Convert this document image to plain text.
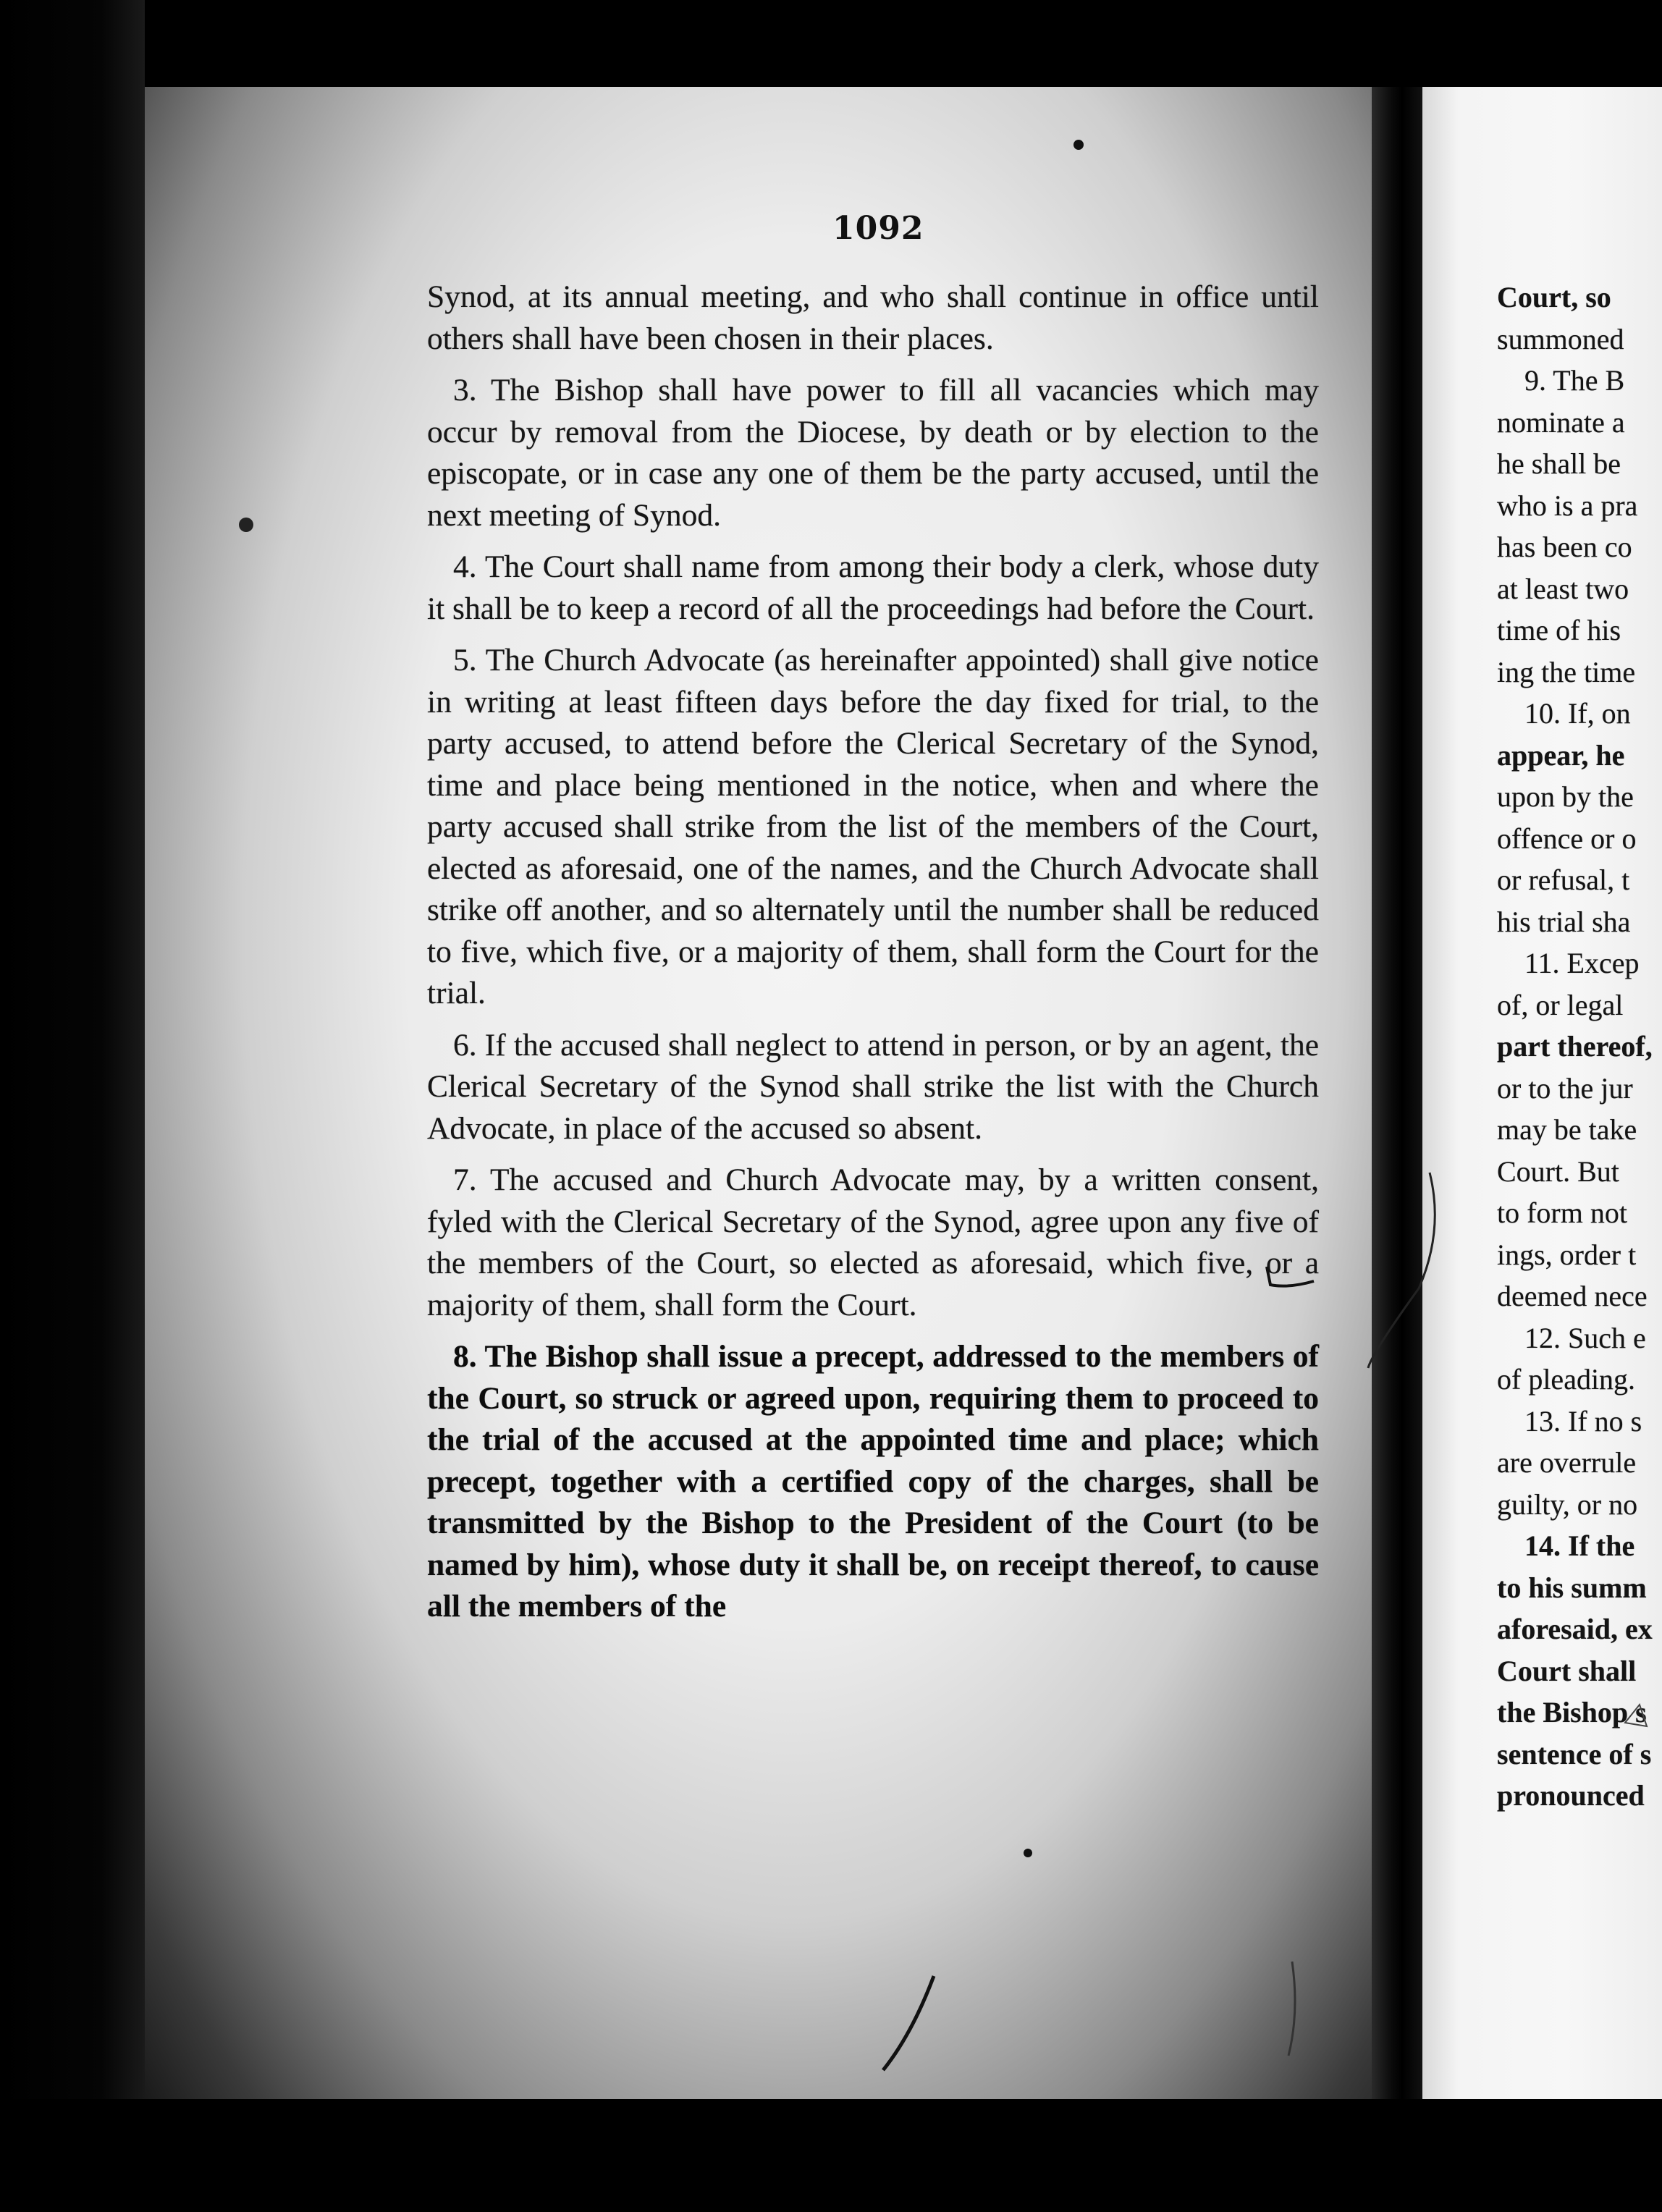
1092

Synod, at its annual meeting, and who shall continue in office until others shall have been chosen in their places.

3. The Bishop shall have power to fill all vacancies which may occur by removal from the Diocese, by death or by election to the episcopate, or in case any one of them be the party accused, until the next meeting of Synod.

4. The Court shall name from among their body a clerk, whose duty it shall be to keep a record of all the proceedings had before the Court.

5. The Church Advocate (as hereinafter appointed) shall give notice in writing at least fifteen days before the day fixed for trial, to the party accused, to attend before the Clerical Secretary of the Synod, time and place being mentioned in the notice, when and where the party accused shall strike from the list of the members of the Court, elected as aforesaid, one of the names, and the Church Advocate shall strike off another, and so alternately until the number shall be reduced to five, which five, or a majority of them, shall form the Court for the trial.

6. If the accused shall neglect to attend in person, or by an agent, the Clerical Secretary of the Synod shall strike the list with the Church Advocate, in place of the accused so absent.

7. The accused and Church Advocate may, by a written consent, fyled with the Clerical Secretary of the Synod, agree upon any five of the members of the Court, so elected as aforesaid, which five, or a majority of them, shall form the Court.

8. The Bishop shall issue a precept, addressed to the members of the Court, so struck or agreed upon, requiring them to proceed to the trial of the accused at the appointed time and place; which precept, together with a certified copy of the charges, shall be transmitted by the Bishop to the President of the Court (to be named by him), whose duty it shall be, on receipt thereof, to cause all the members of the

Court, so
summoned
9. The B
nominate a
he shall be
who is a pra
has been co
at least two
time of his
ing the time
10. If, on
appear, he
upon by the
offence or o
or refusal, t
his trial sha
11. Excep
of, or legal
part thereof,
or to the jur
may be take
Court. But
to form not
ings, order t
deemed nece
12. Such e
of pleading.
13. If no s
are overrule
guilty, or no
14. If the
to his summ
aforesaid, ex
Court shall
the Bishop s
sentence of s
pronounced
